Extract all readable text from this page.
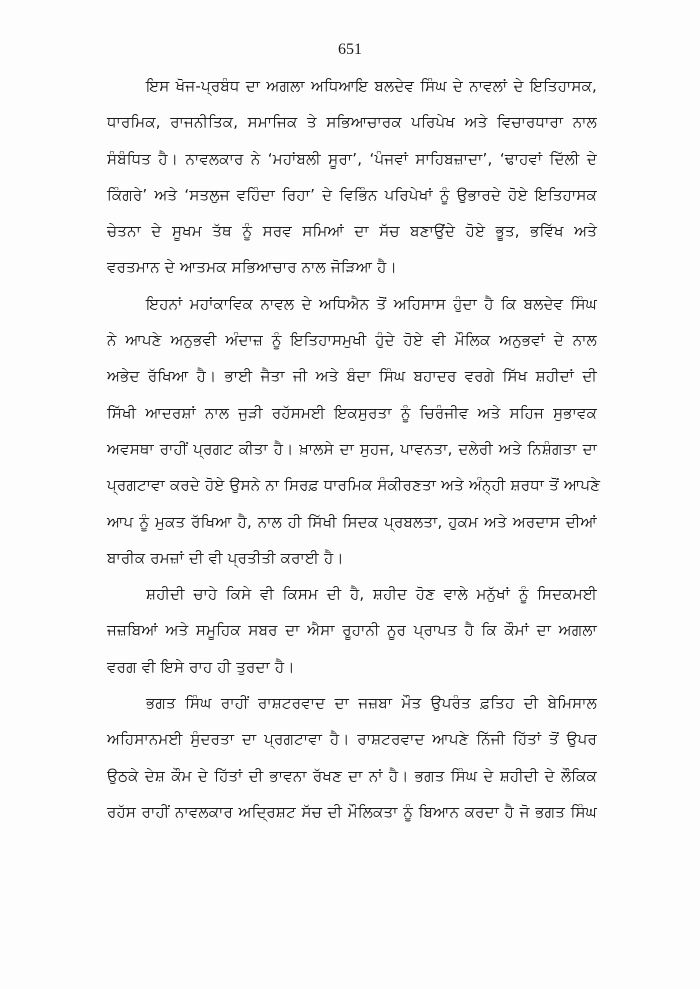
651
ਇਸ ਖੋਜ-ਪ੍ਰਬੰਧ ਦਾ ਅਗਲਾ ਅਧਿਆਇ ਬਲਦੇਵ ਸਿੰਘ ਦੇ ਨਾਵਲਾਂ ਦੇ ਇਤਿਹਾਸਕ,
ਧਾਰਮਿਕ, ਰਾਜਨੀਤਿਕ, ਸਮਾਜਿਕ ਤੇ ਸਭਿਆਚਾਰਕ ਪਰਿਪੇਖ ਅਤੇ ਵਿਚਾਰਧਾਰਾ ਨਾਲ
ਸੰਬੰਧਿਤ ਹੈ। ਨਾਵਲਕਾਰ ਨੇ ‘ਮਹਾਂਬਲੀ ਸੂਰਾ’, ‘ਪੰਜਵਾਂ ਸਾਹਿਬਜ਼ਾਦਾ’, ‘ਢਾਹਵਾਂ ਦਿੱਲੀ ਦੇ
ਕਿੰਗਰੇ’ ਅਤੇ ‘ਸਤਲੁਜ ਵਹਿੰਦਾ ਰਿਹਾ’ ਦੇ ਵਿਭਿੰਨ ਪਰਿਪੇਖਾਂ ਨੂੰ ਉਭਾਰਦੇ ਹੋਏ ਇਤਿਹਾਸਕ
ਚੇਤਨਾ ਦੇ ਸੂਖਮ ਤੱਥ ਨੂੰ ਸਰਵ ਸਮਿਆਂ ਦਾ ਸੱਚ ਬਣਾਉਂਦੇ ਹੋਏ ਭੂਤ, ਭਵਿੱਖ ਅਤੇ
ਵਰਤਮਾਨ ਦੇ ਆਤਮਕ ਸਭਿਆਚਾਰ ਨਾਲ ਜੋੜਿਆ ਹੈ।
ਇਹਨਾਂ ਮਹਾਂਕਾਵਿਕ ਨਾਵਲ ਦੇ ਅਧਿਐਨ ਤੋਂ ਅਹਿਸਾਸ ਹੁੰਦਾ ਹੈ ਕਿ ਬਲਦੇਵ ਸਿੰਘ
ਨੇ ਆਪਣੇ ਅਨੁਭਵੀ ਅੰਦਾਜ਼ ਨੂੰ ਇਤਿਹਾਸਮੁਖੀ ਹੁੰਦੇ ਹੋਏ ਵੀ ਮੌਲਿਕ ਅਨੁਭਵਾਂ ਦੇ ਨਾਲ
ਅਭੇਦ ਰੱਖਿਆ ਹੈ। ਭਾਈ ਜੈਤਾ ਜੀ ਅਤੇ ਬੰਦਾ ਸਿੰਘ ਬਹਾਦਰ ਵਰਗੇ ਸਿੱਖ ਸ਼ਹੀਦਾਂ ਦੀ
ਸਿੱਖੀ ਆਦਰਸ਼ਾਂ ਨਾਲ ਜੁੜੀ ਰਹੱਸਮਈ ਇਕਸੁਰਤਾ ਨੂੰ ਚਿਰੰਜੀਵ ਅਤੇ ਸਹਿਜ ਸੁਭਾਵਕ
ਅਵਸਥਾ ਰਾਹੀਂ ਪ੍ਰਗਟ ਕੀਤਾ ਹੈ। ਖ਼ਾਲਸੇ ਦਾ ਸੁਹਜ, ਪਾਵਨਤਾ, ਦਲੇਰੀ ਅਤੇ ਨਿਸ਼ੰਗਤਾ ਦਾ
ਪ੍ਰਗਟਾਵਾ ਕਰਦੇ ਹੋਏ ਉਸਨੇ ਨਾ ਸਿਰਫ਼ ਧਾਰਮਿਕ ਸੰਕੀਰਣਤਾ ਅਤੇ ਅੰਨ੍ਹੀ ਸ਼ਰਧਾ ਤੋਂ ਆਪਣੇ
ਆਪ ਨੂੰ ਮੁਕਤ ਰੱਖਿਆ ਹੈ, ਨਾਲ ਹੀ ਸਿੱਖੀ ਸਿਦਕ ਪ੍ਰਬਲਤਾ, ਹੁਕਮ ਅਤੇ ਅਰਦਾਸ ਦੀਆਂ
ਬਾਰੀਕ ਰਮਜ਼ਾਂ ਦੀ ਵੀ ਪ੍ਰਤੀਤੀ ਕਰਾਈ ਹੈ।
ਸ਼ਹੀਦੀ ਚਾਹੇ ਕਿਸੇ ਵੀ ਕਿਸਮ ਦੀ ਹੈ, ਸ਼ਹੀਦ ਹੋਣ ਵਾਲੇ ਮਨੁੱਖਾਂ ਨੂੰ ਸਿਦਕਮਈ
ਜਜ਼ਬਿਆਂ ਅਤੇ ਸਮੂਹਿਕ ਸਬਰ ਦਾ ਐਸਾ ਰੂਹਾਨੀ ਨੂਰ ਪ੍ਰਾਪਤ ਹੈ ਕਿ ਕੌਮਾਂ ਦਾ ਅਗਲਾ
ਵਰਗ ਵੀ ਇਸੇ ਰਾਹ ਹੀ ਤੁਰਦਾ ਹੈ।
ਭਗਤ ਸਿੰਘ ਰਾਹੀਂ ਰਾਸ਼ਟਰਵਾਦ ਦਾ ਜਜ਼ਬਾ ਮੌਤ ਉਪਰੰਤ ਫ਼ਤਿਹ ਦੀ ਬੇਮਿਸਾਲ
ਅਹਿਸਾਨਮਈ ਸੁੰਦਰਤਾ ਦਾ ਪ੍ਰਗਟਾਵਾ ਹੈ। ਰਾਸ਼ਟਰਵਾਦ ਆਪਣੇ ਨਿੱਜੀ ਹਿੱਤਾਂ ਤੋਂ ਉਪਰ
ਉਠਕੇ ਦੇਸ਼ ਕੌਮ ਦੇ ਹਿੱਤਾਂ ਦੀ ਭਾਵਨਾ ਰੱਖਣ ਦਾ ਨਾਂ ਹੈ। ਭਗਤ ਸਿੰਘ ਦੇ ਸ਼ਹੀਦੀ ਦੇ ਲੌਕਿਕ
ਰਹੱਸ ਰਾਹੀਂ ਨਾਵਲਕਾਰ ਅਦ੍ਰਿਸ਼ਟ ਸੱਚ ਦੀ ਮੌਲਿਕਤਾ ਨੂੰ ਬਿਆਨ ਕਰਦਾ ਹੈ ਜੋ ਭਗਤ ਸਿੰਘ
